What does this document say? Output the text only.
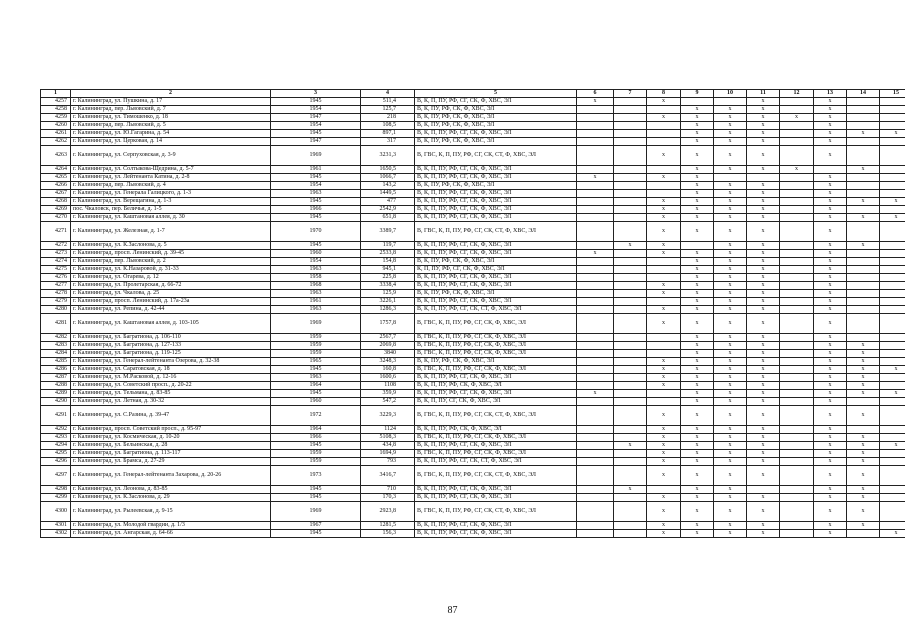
1	2	3	4	5	6	7	8	9	10	11	12	13	14	15
4257	г. Калининград, ул. Пушкина, д. 17	1945	511,4	В, К, П, ПУ, РФ, СГ, СК, Ф, ХВС, ЭЛ	x		x			x		x		
4258	г. Калининград, пер. Львовский, д. 7	1954	125,7	В, К, ПУ, РФ, СК, Ф, ХВС, ЭЛ				x	x	x		x		
4259	г. Калининград, ул. Тимошенко, д. 18	1947	218	В, К, ПУ, РФ, СК, Ф, ХВС, ЭЛ			x	x	x	x	x	x		
4260	г. Калининград, пер. Львовский, д. 5	1954	108,5	В, К, ПУ, РФ, СК, Ф, ХВС, ЭЛ				x	x	x		x		
4261	г. Калининград, ул. Ю.Гагарина, д. 54	1945	897,1	В, К, П, ПУ, РФ, СГ, СК, Ф, ХВС, ЭЛ				x	x	x		x	x	x
4262	г. Калининград, ул. Церковая, д. 14	1947	317	В, К, ПУ, РФ, СК, Ф, ХВС, ЭЛ				x	x	x		x		
4263	г. Калининград, ул. Серпуховская, д. 3-9	1969	3231,3	В, ГВС, К, П, ПУ, РФ, СГ, СК, СТ, Ф, ХВС, ЭЛ			x	x	x	x		x		
4264	г. Калининград, ул. Солтыкова-Щедрина, д. 5-7	1961	1650,5	В, К, П, ПУ, РФ, СГ, СК, Ф, ХВС, ЭЛ				x	x	x	x		x	
4265	г. Калининград, ул. Лейтенанта Катина, д. 2-8	1945	1066,7	В, К, П, ПУ, РФ, СГ, СК, Ф, ХВС, ЭЛ	x		x	x				x		
4266	г. Калининград, пер. Львовский, д. 4	1954	143,2	В, К, ПУ, РФ, СК, Ф, ХВС, ЭЛ				x	x	x		x		
4267	г. Калининград, ул. Генерала Галицкого, д. 1-3	1963	1449,5	В, К, П, ПУ, РФ, СГ, СК, Ф, ХВС, ЭЛ				x	x	x		x		
4268	г. Калининград, ул. Верещагина, д. 1-3	1945	477	В, К, П, ПУ, РФ, СГ, СК, Ф, ХВС, ЭЛ			x	x	x	x		x	x	x
4269	пос. Чкаловск, пер. Беличья, д. 1-5	1966	2542,9	В, К, П, ПУ, РФ, СГ, СК, Ф, ХВС, ЭЛ			x	x	x	x		x		
4270	г. Калининград, ул. Каштановая аллея, д. 30	1945	651,8	В, К, П, ПУ, РФ, СГ, СК, Ф, ХВС, ЭЛ			x	x	x	x		x	x	x
4271	г. Калининград, ул. Железная, д. 1-7	1970	3389,7	В, ГВС, К, П, ПУ, РФ, СГ, СК, СТ, Ф, ХВС, ЭЛ			x	x	x	x		x		
4272	г. Калининград, ул. К.Заслонова, д. 5	1945	119,7	В, К, П, ПУ, РФ, СГ, СК, Ф, ХВС, ЭЛ		x	x		x	x		x	x	
4273	г. Калининград, просп. Ленинский, д. 39-45	1960	2533,8	В, К, П, ПУ, РФ, СГ, СК, Ф, ХВС, ЭЛ	x		x	x	x	x		x		
4274	г. Калининград, пер. Львовский, д. 2	1954	154,8	В, К, ПУ, РФ, СК, Ф, ХВС, ЭЛ				x	x	x		x		
4275	г. Калининград, ул. К.Назаровой, д. 31-33	1963	945,1	К, П, ПУ, РФ, СГ, СК, Ф, ХВС, ЭЛ				x	x	x		x		
4276	г. Калининград, ул. Огарева, д. 12	1958	225,8	В, К, П, ПУ, РФ, СГ, СК, Ф, ХВС, ЭЛ				x	x	x		x		
4277	г. Калининград, ул. Пролетарская, д. 66-72	1968	3338,4	В, К, П, ПУ, РФ, СГ, СК, Ф, ХВС, ЭЛ			x	x	x	x		x		
4278	г. Калининград, ул. Чкалова, д. 25	1963	125,9	В, К, ПУ, РФ, СК, Ф, ХВС, ЭЛ			x	x	x	x		x		
4279	г. Калининград, просп. Ленинский, д. 17а-23а	1961	3226,1	В, К, П, ПУ, РФ, СГ, СК, Ф, ХВС, ЭЛ				x	x	x		x		
4280	г. Калининград, ул. Репина, д. 42-44	1963	1286,3	В, К, П, ПУ, РФ, СГ, СК, СТ, Ф, ХВС, ЭЛ			x	x	x	x		x		
4281	г. Калининград, ул. Каштановая аллея, д. 103-105	1969	1757,8	В, ГВС, К, П, ПУ, РФ, СГ, СК, Ф, ХВС, ЭЛ			x	x	x	x		x		
4282	г. Калининград, ул. Багратиона, д. 106-110	1959	2567,7	В, ГВС, К, П, ПУ, РФ, СГ, СК, Ф, ХВС, ЭЛ				x	x	x		x		
4283	г. Калининград, ул. Багратиона, д. 127-133	1959	2069,8	В, ГВС, К, П, ПУ, РФ, СГ, СК, Ф, ХВС, ЭЛ				x	x	x		x	x	
4284	г. Калининград, ул. Багратиона, д. 119-125	1959	3840	В, ГВС, К, П, ПУ, РФ, СГ, СК, Ф, ХВС, ЭЛ				x	x	x		x	x	
4285	г. Калининград, ул. Генерал-лейтенанта Озерова, д. 32-38	1965	3248,3	В, К, ПУ, РФ, СК, Ф, ХВС, ЭЛ			x	x	x	x		x	x	
4286	г. Калининград, ул. Саратовская, д. 18	1945	160,8	В, ГВС, К, П, ПУ, РФ, СГ, СК, Ф, ХВС, ЭЛ			x	x	x	x		x	x	x
4287	г. Калининград, ул. М.Расковой, д. 12-16	1963	1600,6	В, К, П, ПУ, РФ, СГ, СК, Ф, ХВС, ЭЛ			x	x	x	x		x	x	
4288	г. Калининград, ул. Советский просп., д. 20-22	1964	1108	В, К, П, ПУ, РФ, СК, Ф, ХВС, ЭЛ			x	x	x	x		x	x	
4289	г. Калининград, ул. Тельмана, д. 83-85	1945	359,9	В, К, П, ПУ, РФ, СГ, СК, Ф, ХВС, ЭЛ	x			x	x	x		x	x	x
4290	г. Калининград, ул. Летная, д. 30-32	1960	547,2	В, К, П, ПУ, СГ, СК, Ф, ХВС, ЭЛ				x	x	x		x		
4291	г. Калининград, ул. С.Разина, д. 39-47	1972	3229,3	В, ГВС, К, П, ПУ, РФ, СГ, СК, СТ, Ф, ХВС, ЭЛ			x	x	x	x		x	x	
4292	г. Калининград, просп. Советский просп., д. 95-97	1964	1124	В, К, П, ПУ, РФ, СК, Ф, ХВС, ЭЛ			x	x	x	x		x		
4293	г. Калининград, ул. Космическая, д. 10-20	1966	5108,3	В, ГВС, К, П, ПУ, РФ, СГ, СК, Ф, ХВС, ЭЛ			x	x	x	x		x	x	
4294	г. Калининград, ул. Бельинская, д. 28	1945	434,8	В, К, П, ПУ, РФ, СГ, СК, Ф, ХВС, ЭЛ		x	x	x	x	x		x	x	x
4295	г. Калининград, ул. Багратиона, д. 113-117	1959	1694,9	В, ГВС, К, П, ПУ, РФ, СГ, СК, Ф, ХВС, ЭЛ			x	x	x	x		x	x	
4296	г. Калининград, ул. Брамса, д. 27-29	1959	793	В, К, П, ПУ, РФ, СГ, СК, СТ, Ф, ХВС, ЭЛ			x	x	x	x		x	x	
4297	г. Калининград, ул. Генерал-лейтенанта Захарова, д. 20-26	1973	3416,7	В, ГВС, К, П, ПУ, РФ, СГ, СК, СТ, Ф, ХВС, ЭЛ			x	x	x	x		x	x	
4298	г. Калининград, ул. Леонова, д. 83-85	1945	710	В, К, П, ПУ, РФ, СГ, СК, Ф, ХВС, ЭЛ		x		x	x			x	x	
4299	г. Калининград, ул. К.Заслонова, д. 29	1945	170,3	В, К, П, ПУ, РФ, СГ, СК, Ф, ХВС, ЭЛ			x	x	x	x		x	x	
4300	г. Калининград, ул. Рылеевская, д. 9-15	1969	2923,8	В, ГВС, К, П, ПУ, РФ, СГ, СК, СТ, Ф, ХВС, ЭЛ			x	x	x	x		x	x	
4301	г. Калининград, ул. Молодой гвардии, д. 1/3	1967	1281,5	В, К, П, ПУ, РФ, СГ, СК, Ф, ХВС, ЭЛ			x	x	x	x		x	x	
4302	г. Калининград, ул. Ангарская, д. 64-66	1945	156,3	В, К, П, ПУ, РФ, СГ, СК, Ф, ХВС, ЭЛ			x	x	x	x		x		x
87
